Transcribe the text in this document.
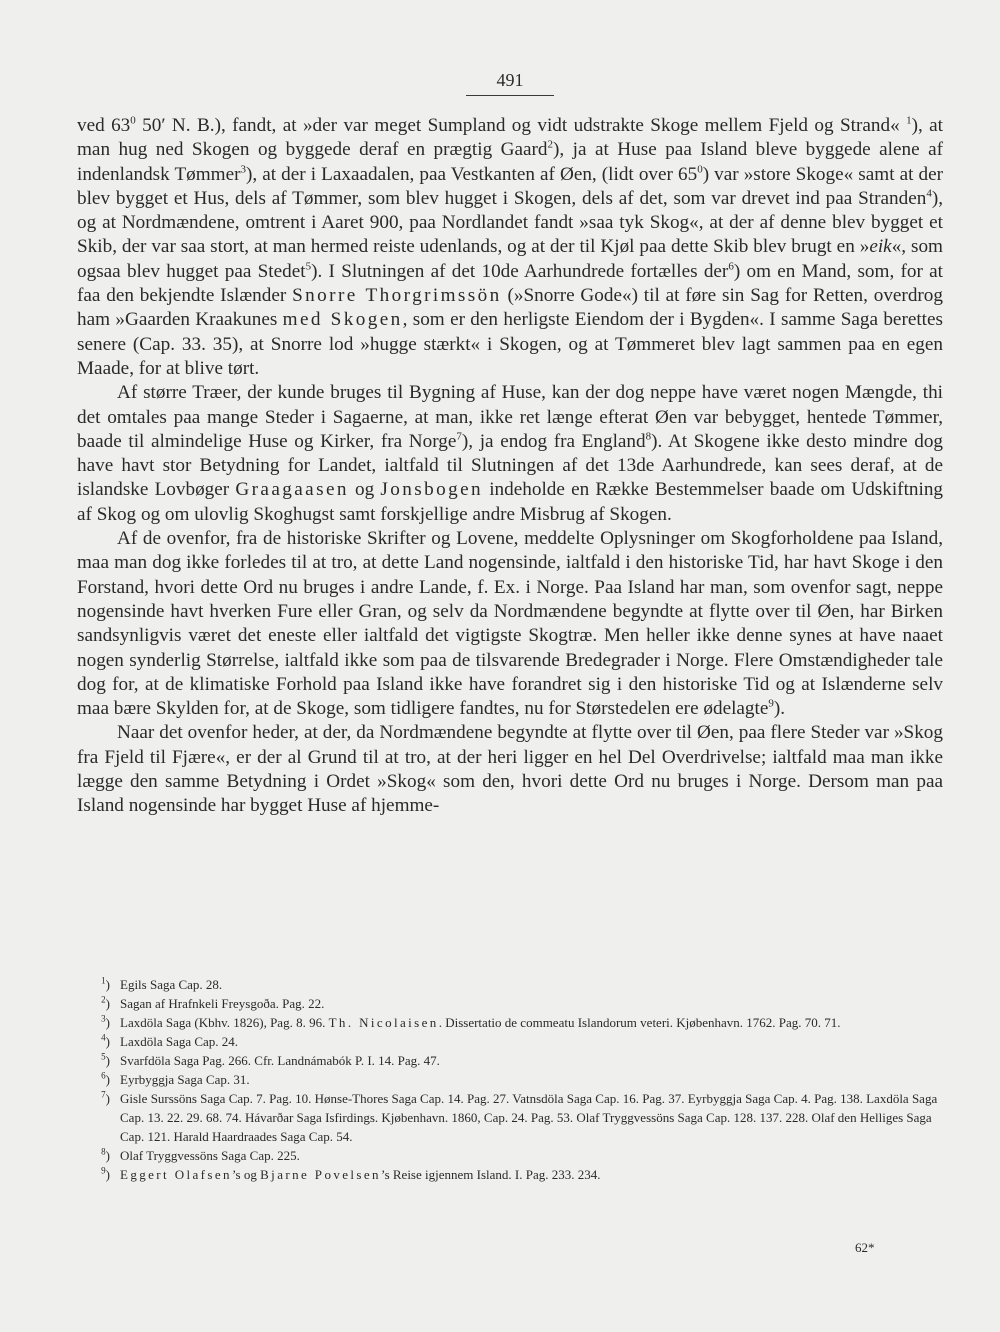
491

ved $63^0$ 50′ N. B.), fandt, at »der var meget Sumpland og vidt udstrakte Skoge mellem Fjeld og Strand« $^1$), at man hug ned Skogen og byggede deraf en prægtig Gaard$^2$), ja at Huse paa Island bleve byggede alene af indenlandsk Tømmer$^3$), at der i Laxaadalen, paa Vestkanten af Øen, (lidt over $65^0$) var »store Skoge« samt at der blev bygget et Hus, dels af Tømmer, som blev hugget i Skogen, dels af det, som var drevet ind paa Stranden$^4$), og at Nordmændene, omtrent i Aaret 900, paa Nordlandet fandt »saa tyk Skog«, at der af denne blev bygget et Skib, der var saa stort, at man hermed reiste udenlands, og at der til Kjøl paa dette Skib blev brugt en »eik«, som ogsaa blev hugget paa Stedet$^5$). I Slutningen af det 10de Aarhundrede fortælles der$^6$) om en Mand, som, for at faa den bekjendte Islænder Snorre Thorgrimssön (»Snorre Gode«) til at føre sin Sag for Retten, overdrog ham »Gaarden Kraakunes med Skogen, som er den herligste Eiendom der i Bygden«. I samme Saga berettes senere (Cap. 33. 35), at Snorre lod »hugge stærkt« i Skogen, og at Tømmeret blev lagt sammen paa en egen Maade, for at blive tørt.

Af større Træer, der kunde bruges til Bygning af Huse, kan der dog neppe have været nogen Mængde, thi det omtales paa mange Steder i Sagaerne, at man, ikke ret længe efterat Øen var bebygget, hentede Tømmer, baade til almindelige Huse og Kirker, fra Norge$^7$), ja endog fra England$^8$). At Skogene ikke desto mindre dog have havt stor Betydning for Landet, ialtfald til Slutningen af det 13de Aarhundrede, kan sees deraf, at de islandske Lovbøger Graagaasen og Jonsbogen indeholde en Række Bestemmelser baade om Udskiftning af Skog og om ulovlig Skoghugst samt forskjellige andre Misbrug af Skogen.

Af de ovenfor, fra de historiske Skrifter og Lovene, meddelte Oplysninger om Skogforholdene paa Island, maa man dog ikke forledes til at tro, at dette Land nogensinde, ialtfald i den historiske Tid, har havt Skoge i den Forstand, hvori dette Ord nu bruges i andre Lande, f. Ex. i Norge. Paa Island har man, som ovenfor sagt, neppe nogensinde havt hverken Fure eller Gran, og selv da Nordmændene begyndte at flytte over til Øen, har Birken sandsynligvis været det eneste eller ialtfald det vigtigste Skogtræ. Men heller ikke denne synes at have naaet nogen synderlig Størrelse, ialtfald ikke som paa de tilsvarende Bredegrader i Norge. Flere Omstændigheder tale dog for, at de klimatiske Forhold paa Island ikke have forandret sig i den historiske Tid og at Islænderne selv maa bære Skylden for, at de Skoge, som tidligere fandtes, nu for Størstedelen ere ødelagte$^9$).

Naar det ovenfor heder, at der, da Nordmændene begyndte at flytte over til Øen, paa flere Steder var »Skog fra Fjeld til Fjære«, er der al Grund til at tro, at der heri ligger en hel Del Overdrivelse; ialtfald maa man ikke lægge den samme Betydning i Ordet »Skog« som den, hvori dette Ord nu bruges i Norge. Dersom man paa Island nogensinde har bygget Huse af hjemme-

$^1$) Egils Saga Cap. 28.
$^2$) Sagan af Hrafnkeli Freysgoða. Pag. 22.
$^3$) Laxdöla Saga (Kbhv. 1826), Pag. 8. 96. Th. Nicolaisen. Dissertatio de commeatu Islandorum veteri. Kjøbenhavn. 1762. Pag. 70. 71.
$^4$) Laxdöla Saga Cap. 24.
$^5$) Svarfdöla Saga Pag. 266. Cfr. Landnámabók P. I. 14. Pag. 47.
$^6$) Eyrbyggja Saga Cap. 31.
$^7$) Gisle Surssöns Saga Cap. 7. Pag. 10. Hønse-Thores Saga Cap. 14. Pag. 27. Vatnsdöla Saga Cap. 16. Pag. 37. Eyrbyggja Saga Cap. 4. Pag. 138. Laxdöla Saga Cap. 13. 22. 29. 68. 74. Hávarðar Saga Isfirdings. Kjøbenhavn. 1860, Cap. 24. Pag. 53. Olaf Tryggvessöns Saga Cap. 128. 137. 228. Olaf den Helliges Saga Cap. 121. Harald Haardraades Saga Cap. 54.
$^8$) Olaf Tryggvessöns Saga Cap. 225.
$^9$) Eggert Olafsen’s og Bjarne Povelsen’s Reise igjennem Island. I. Pag. 233. 234.
62*
